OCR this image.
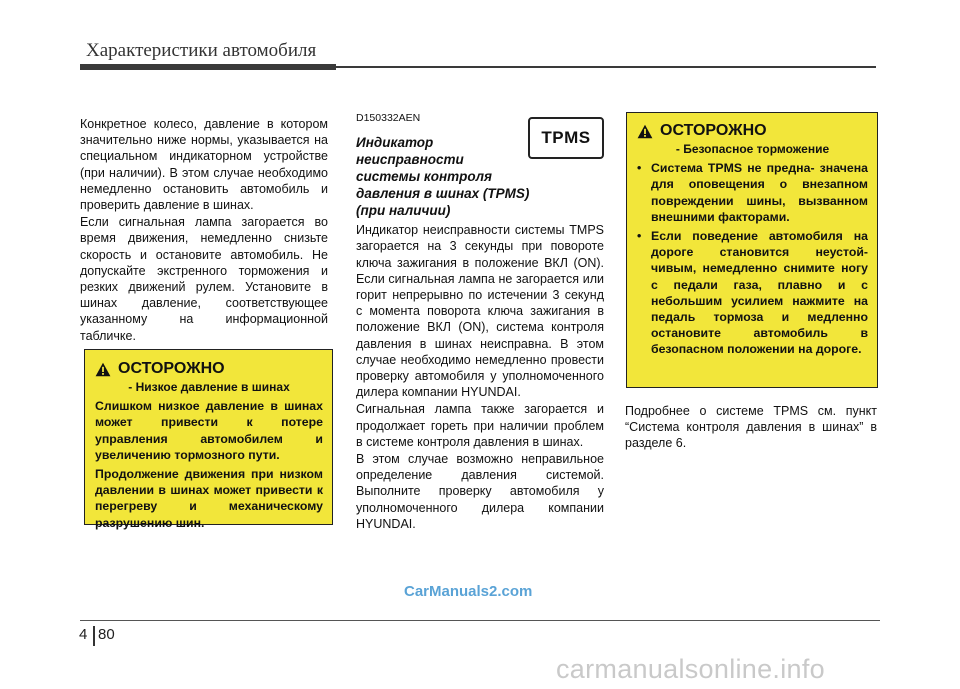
Характеристики автомобиля

Конкретное колесо, давление в котором значительно ниже нормы, указывается на специальном индикаторном устройстве (при наличии). В этом случае необходимо немедленно остановить автомобиль и проверить давление в шинах.

Если сигнальная лампа загорается во время движения, немедленно снизьте скорость и остановите автомобиль. Не допускайте экстренного торможения и резких движений рулем. Установите в шинах давление, соответствующее указанному на информационной табличке.

ОСТОРОЖНО
- Низкое давление в шинах

Слишком низкое давление в шинах может привести к потере управления автомобилем и увеличению тормозного пути.

Продолжение движения при низком давлении в шинах может привести к перегреву и механическому разрушению шин.

D150332AEN

Индикатор
неисправности
системы контроля
давления в шинах (TPMS)
(при наличии)

Индикатор неисправности системы TMPS загорается на 3 секунды при повороте ключа зажигания в положение ВКЛ (ON). Если сигнальная лампа не загорается или горит непрерывно по истечении 3 секунд с момента поворота ключа зажигания в положение ВКЛ (ON), система контроля давления в шинах неисправна. В этом случае необходимо немедленно провести проверку автомобиля у уполномоченного дилера компании HYUNDAI.

Сигнальная лампа также загорается и продолжает гореть при наличии проблем в системе контроля давления в шинах.

В этом случае возможно неправильное определение давления системой. Выполните проверку автомобиля у уполномоченного дилера компании HYUNDAI.

TPMS	ОСТОРОЖНО
- Безопасное торможение
• Система TPMS не предна- значена для оповещения о внезапном повреждении шины, вызванном внешними факторами.
• Если поведение автомобиля на дороге становится неустой- чивым, немедленно снимите ногу с педали газа, плавно и с небольшим усилием нажмите на педаль тормоза и медленно остановите автомобиль в безопасном положении на дороге.

Подробнее о системе TPMS см. пункт “Система контроля давления в шинах” в разделе 6.

CarManuals2.com
4 80
carmanualsonline.info
